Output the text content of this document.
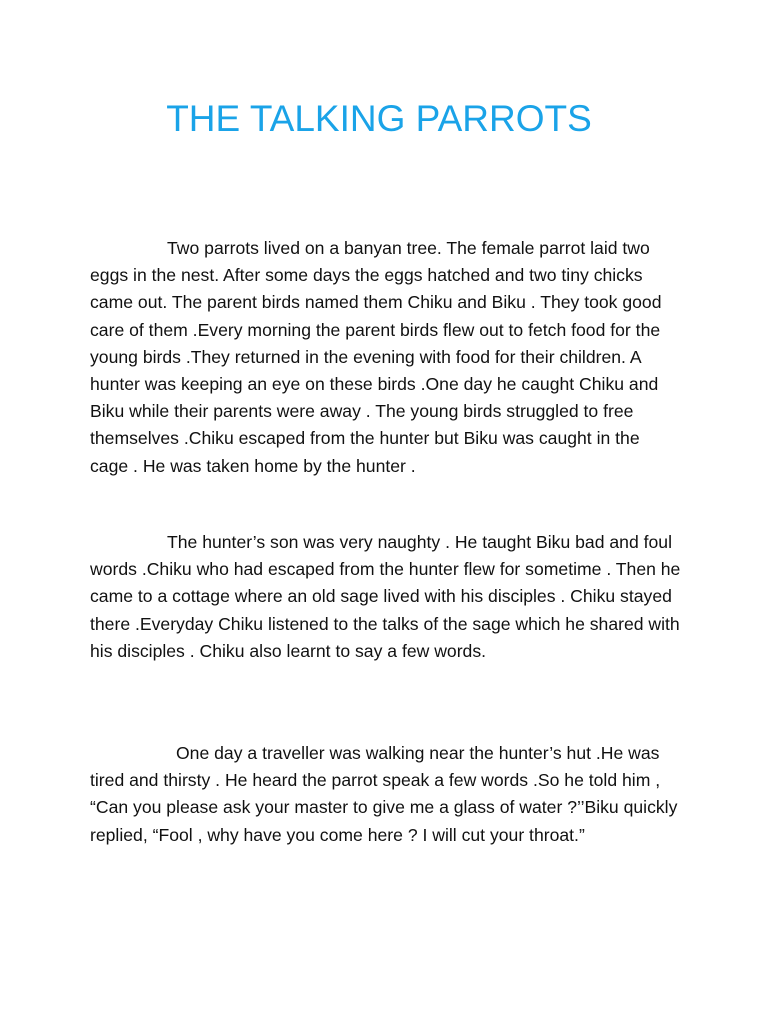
THE TALKING PARROTS

Two parrots lived on a banyan tree. The female parrot laid two eggs in the nest. After some days the eggs hatched and two tiny chicks came out. The parent birds named them Chiku and Biku . They took good care of them .Every morning the parent birds flew out to fetch food for the young birds .They returned in the evening with food for their children. A hunter was keeping an eye on these birds .One day he caught Chiku and Biku while their parents were away . The young birds struggled to free themselves .Chiku escaped from the hunter but Biku was caught in the cage . He was taken home by the hunter .

The hunter’s son was very naughty . He taught Biku bad and foul words .Chiku who had escaped from the hunter flew for sometime . Then he came to a cottage where an old sage lived with his disciples . Chiku stayed there .Everyday Chiku listened to the talks of the sage which he shared with his disciples . Chiku also learnt to say a few words.

One day a traveller was walking near the hunter’s hut .He was tired and thirsty . He heard the parrot speak a few words .So he told him , “Can you please ask your master to give me a glass of water ?’’Biku quickly replied, “Fool , why have you come here ? I will cut your throat.”
